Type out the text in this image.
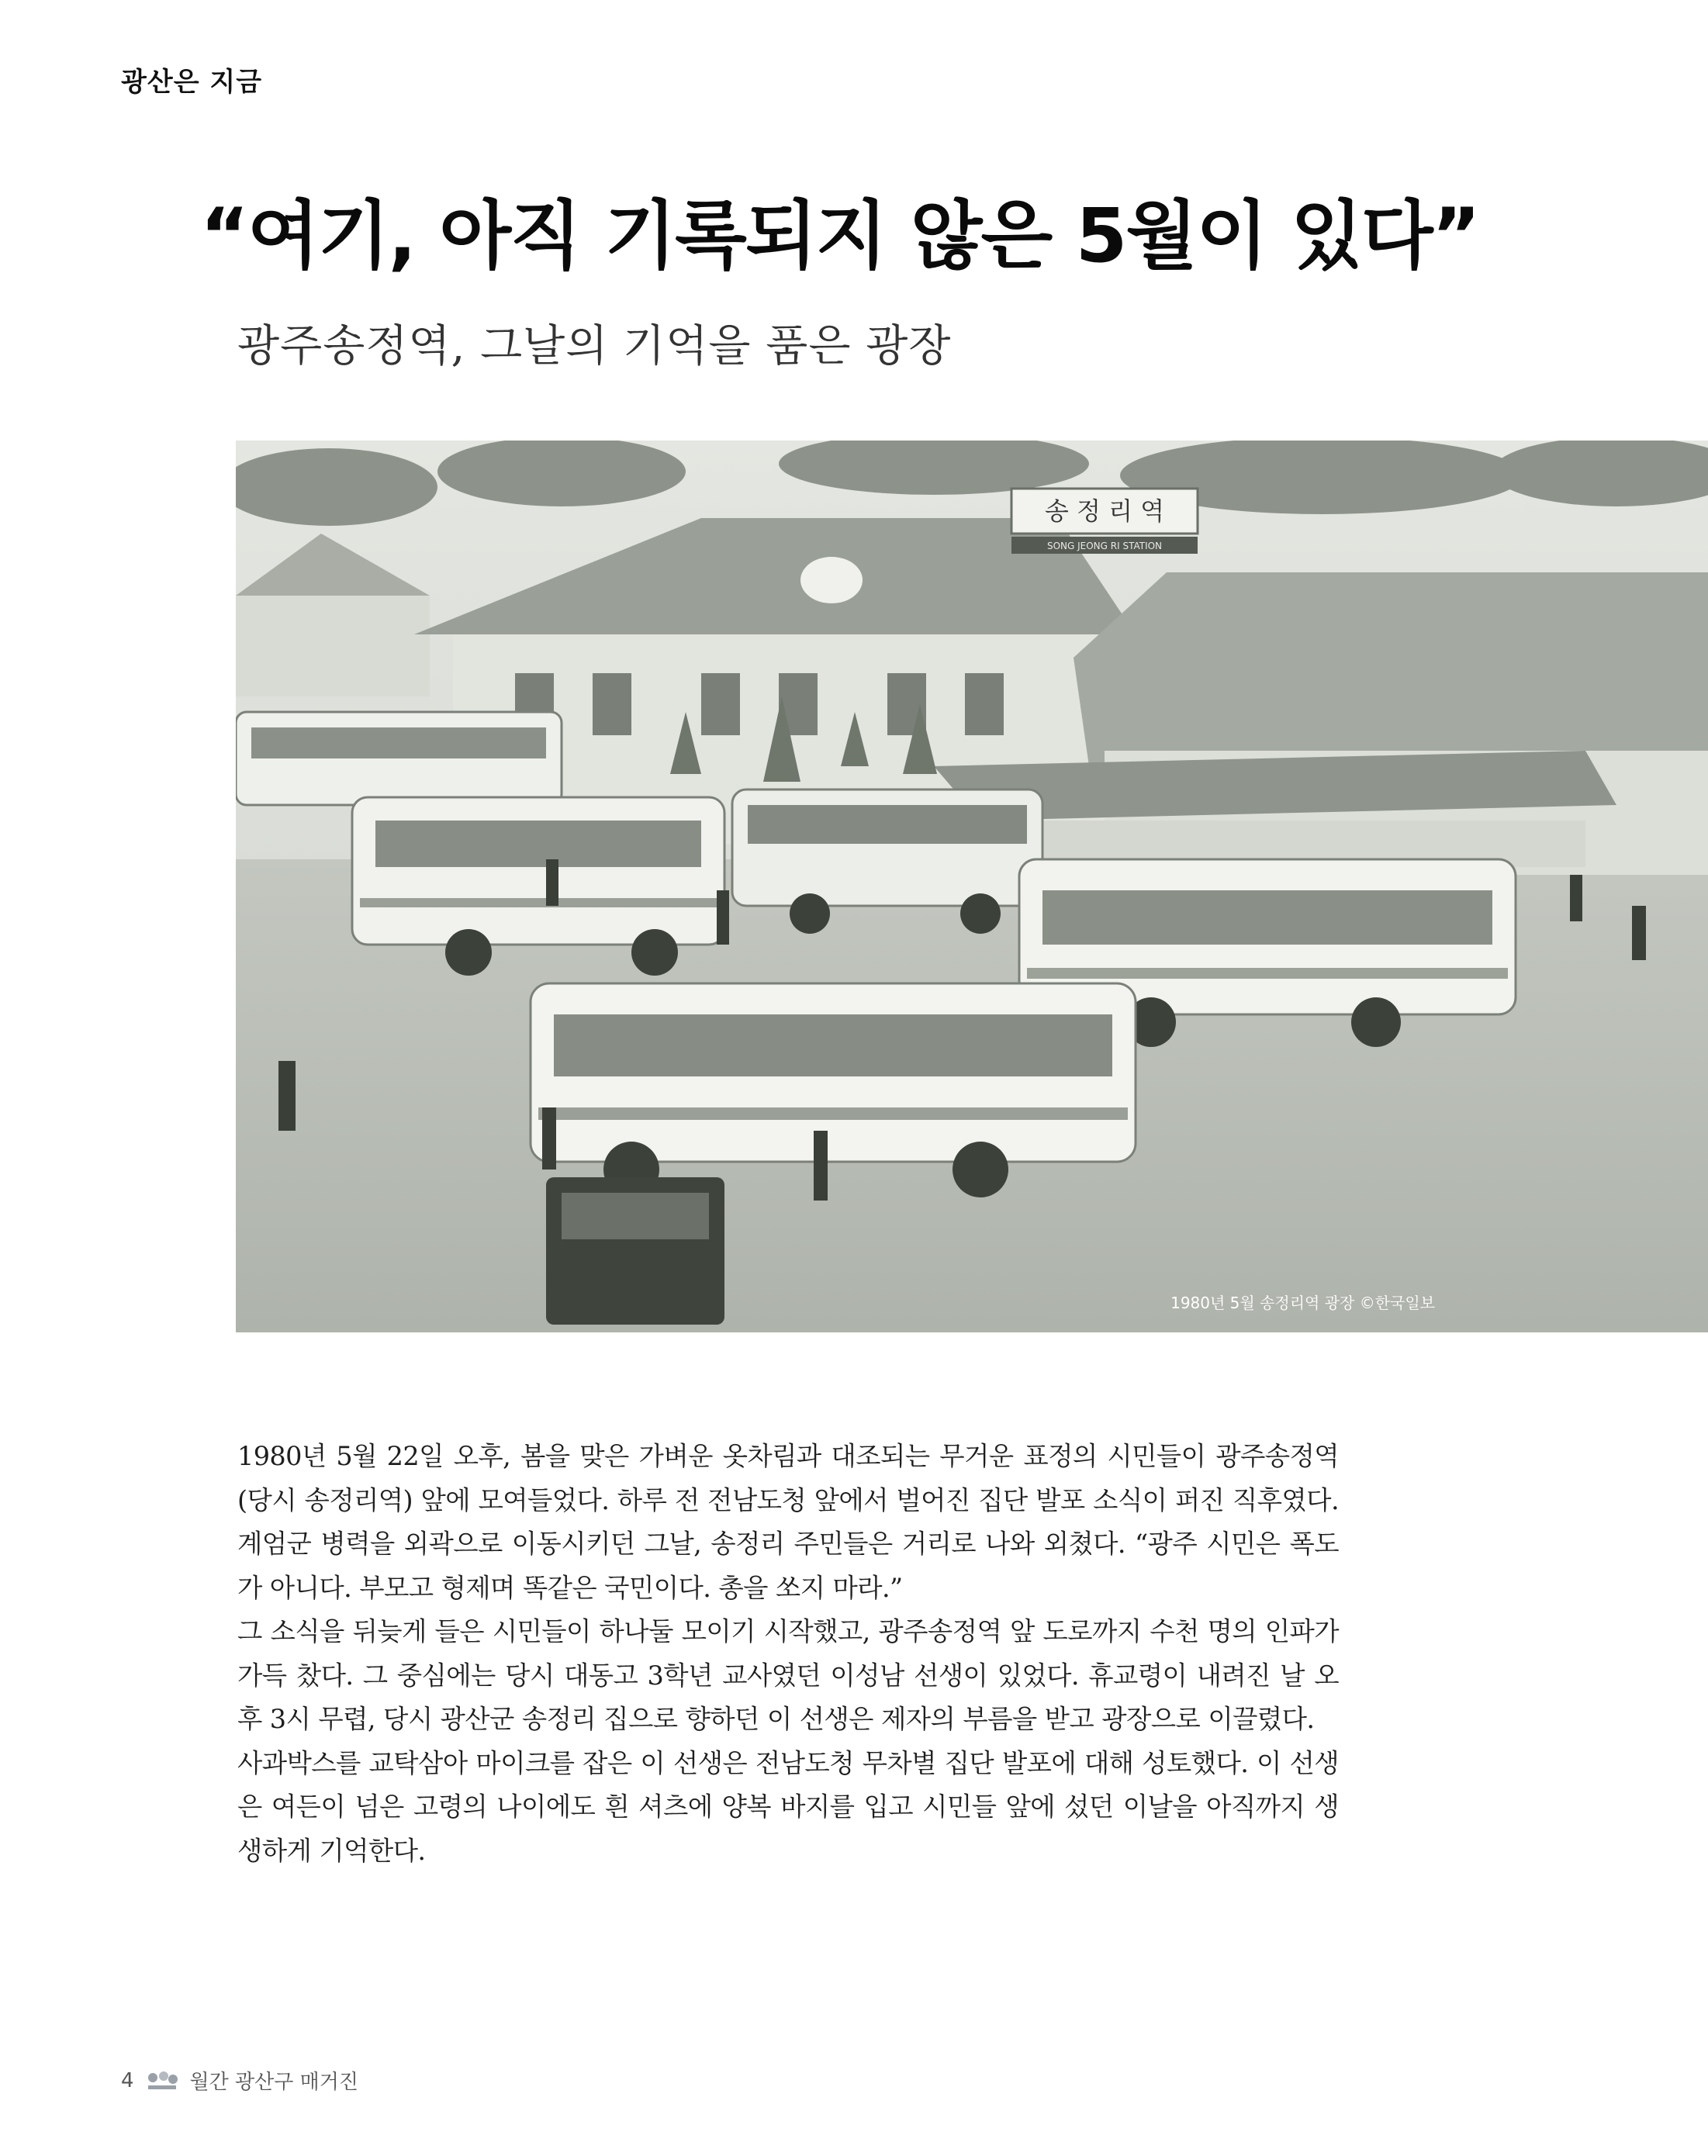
광산은 지금
“여기, 아직 기록되지 않은 5월이 있다”
광주송정역, 그날의 기억을 품은 광장
송 정 리 역
SONG JEONG RI STATION
1980년 5월 송정리역 광장 ©한국일보

1980년 5월 22일 오후, 봄을 맞은 가벼운 옷차림과 대조되는 무거운 표정의 시민들이 광주송정역(당시 송정리역) 앞에 모여들었다. 하루 전 전남도청 앞에서 벌어진 집단 발포 소식이 퍼진 직후였다. 계엄군 병력을 외곽으로 이동시키던 그날, 송정리 주민들은 거리로 나와 외쳤다. “광주 시민은 폭도가 아니다. 부모고 형제며 똑같은 국민이다. 총을 쏘지 마라.”

그 소식을 뒤늦게 들은 시민들이 하나둘 모이기 시작했고, 광주송정역 앞 도로까지 수천 명의 인파가 가득 찼다. 그 중심에는 당시 대동고 3학년 교사였던 이성남 선생이 있었다. 휴교령이 내려진 날 오후 3시 무렵, 당시 광산군 송정리 집으로 향하던 이 선생은 제자의 부름을 받고 광장으로 이끌렸다.

사과박스를 교탁삼아 마이크를 잡은 이 선생은 전남도청 무차별 집단 발포에 대해 성토했다. 이 선생은 여든이 넘은 고령의 나이에도 흰 셔츠에 양복 바지를 입고 시민들 앞에 섰던 이날을 아직까지 생생하게 기억한다.

4	월간 광산구 매거진
